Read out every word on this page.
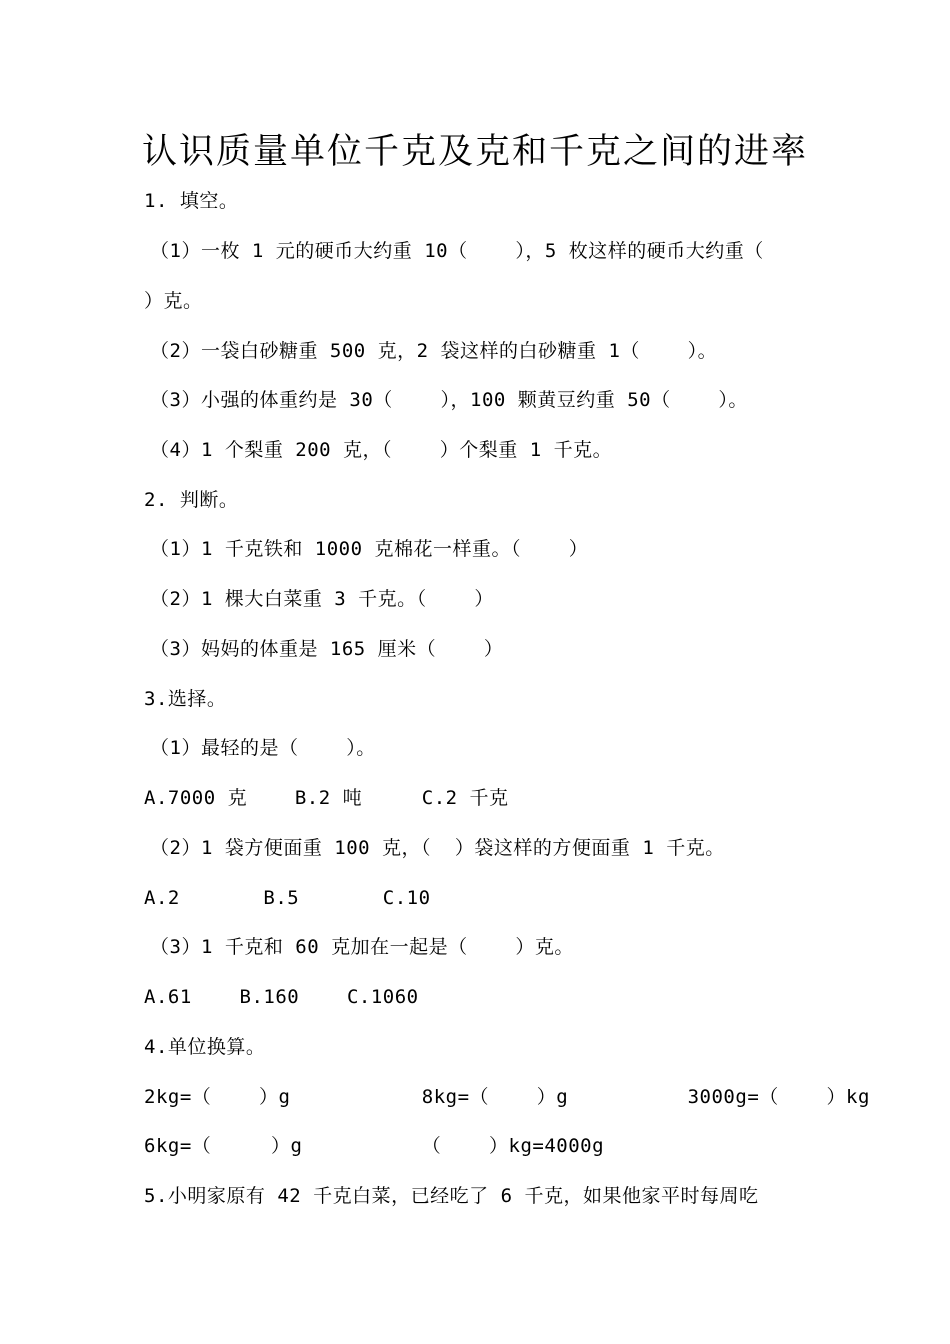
认识质量单位千克及克和千克之间的进率
1. 填空。
（1）一枚 1 元的硬币大约重 10（    ），5 枚这样的硬币大约重（
）克。
（2）一袋白砂糖重 500 克，2 袋这样的白砂糖重 1（    ）。
（3）小强的体重约是 30（    ），100 颗黄豆约重 50（    ）。
（4）1 个梨重 200 克，（    ）个梨重 1 千克。
2. 判断。
（1）1 千克铁和 1000 克棉花一样重。（    ）
（2）1 棵大白菜重 3 千克。（    ）
（3）妈妈的体重是 165 厘米（    ）
3.选择。
（1）最轻的是（    ）。
A.7000 克    B.2 吨     C.2 千克
（2）1 袋方便面重 100 克，（  ）袋这样的方便面重 1 千克。
A.2       B.5       C.10
（3）1 千克和 60 克加在一起是（    ）克。
A.61    B.160    C.1060
4.单位换算。
2kg=（    ）g           8kg=（    ）g          3000g=（    ）kg
6kg=（     ）g          （    ）kg=4000g
5.小明家原有 42 千克白菜，已经吃了 6 千克，如果他家平时每周吃
